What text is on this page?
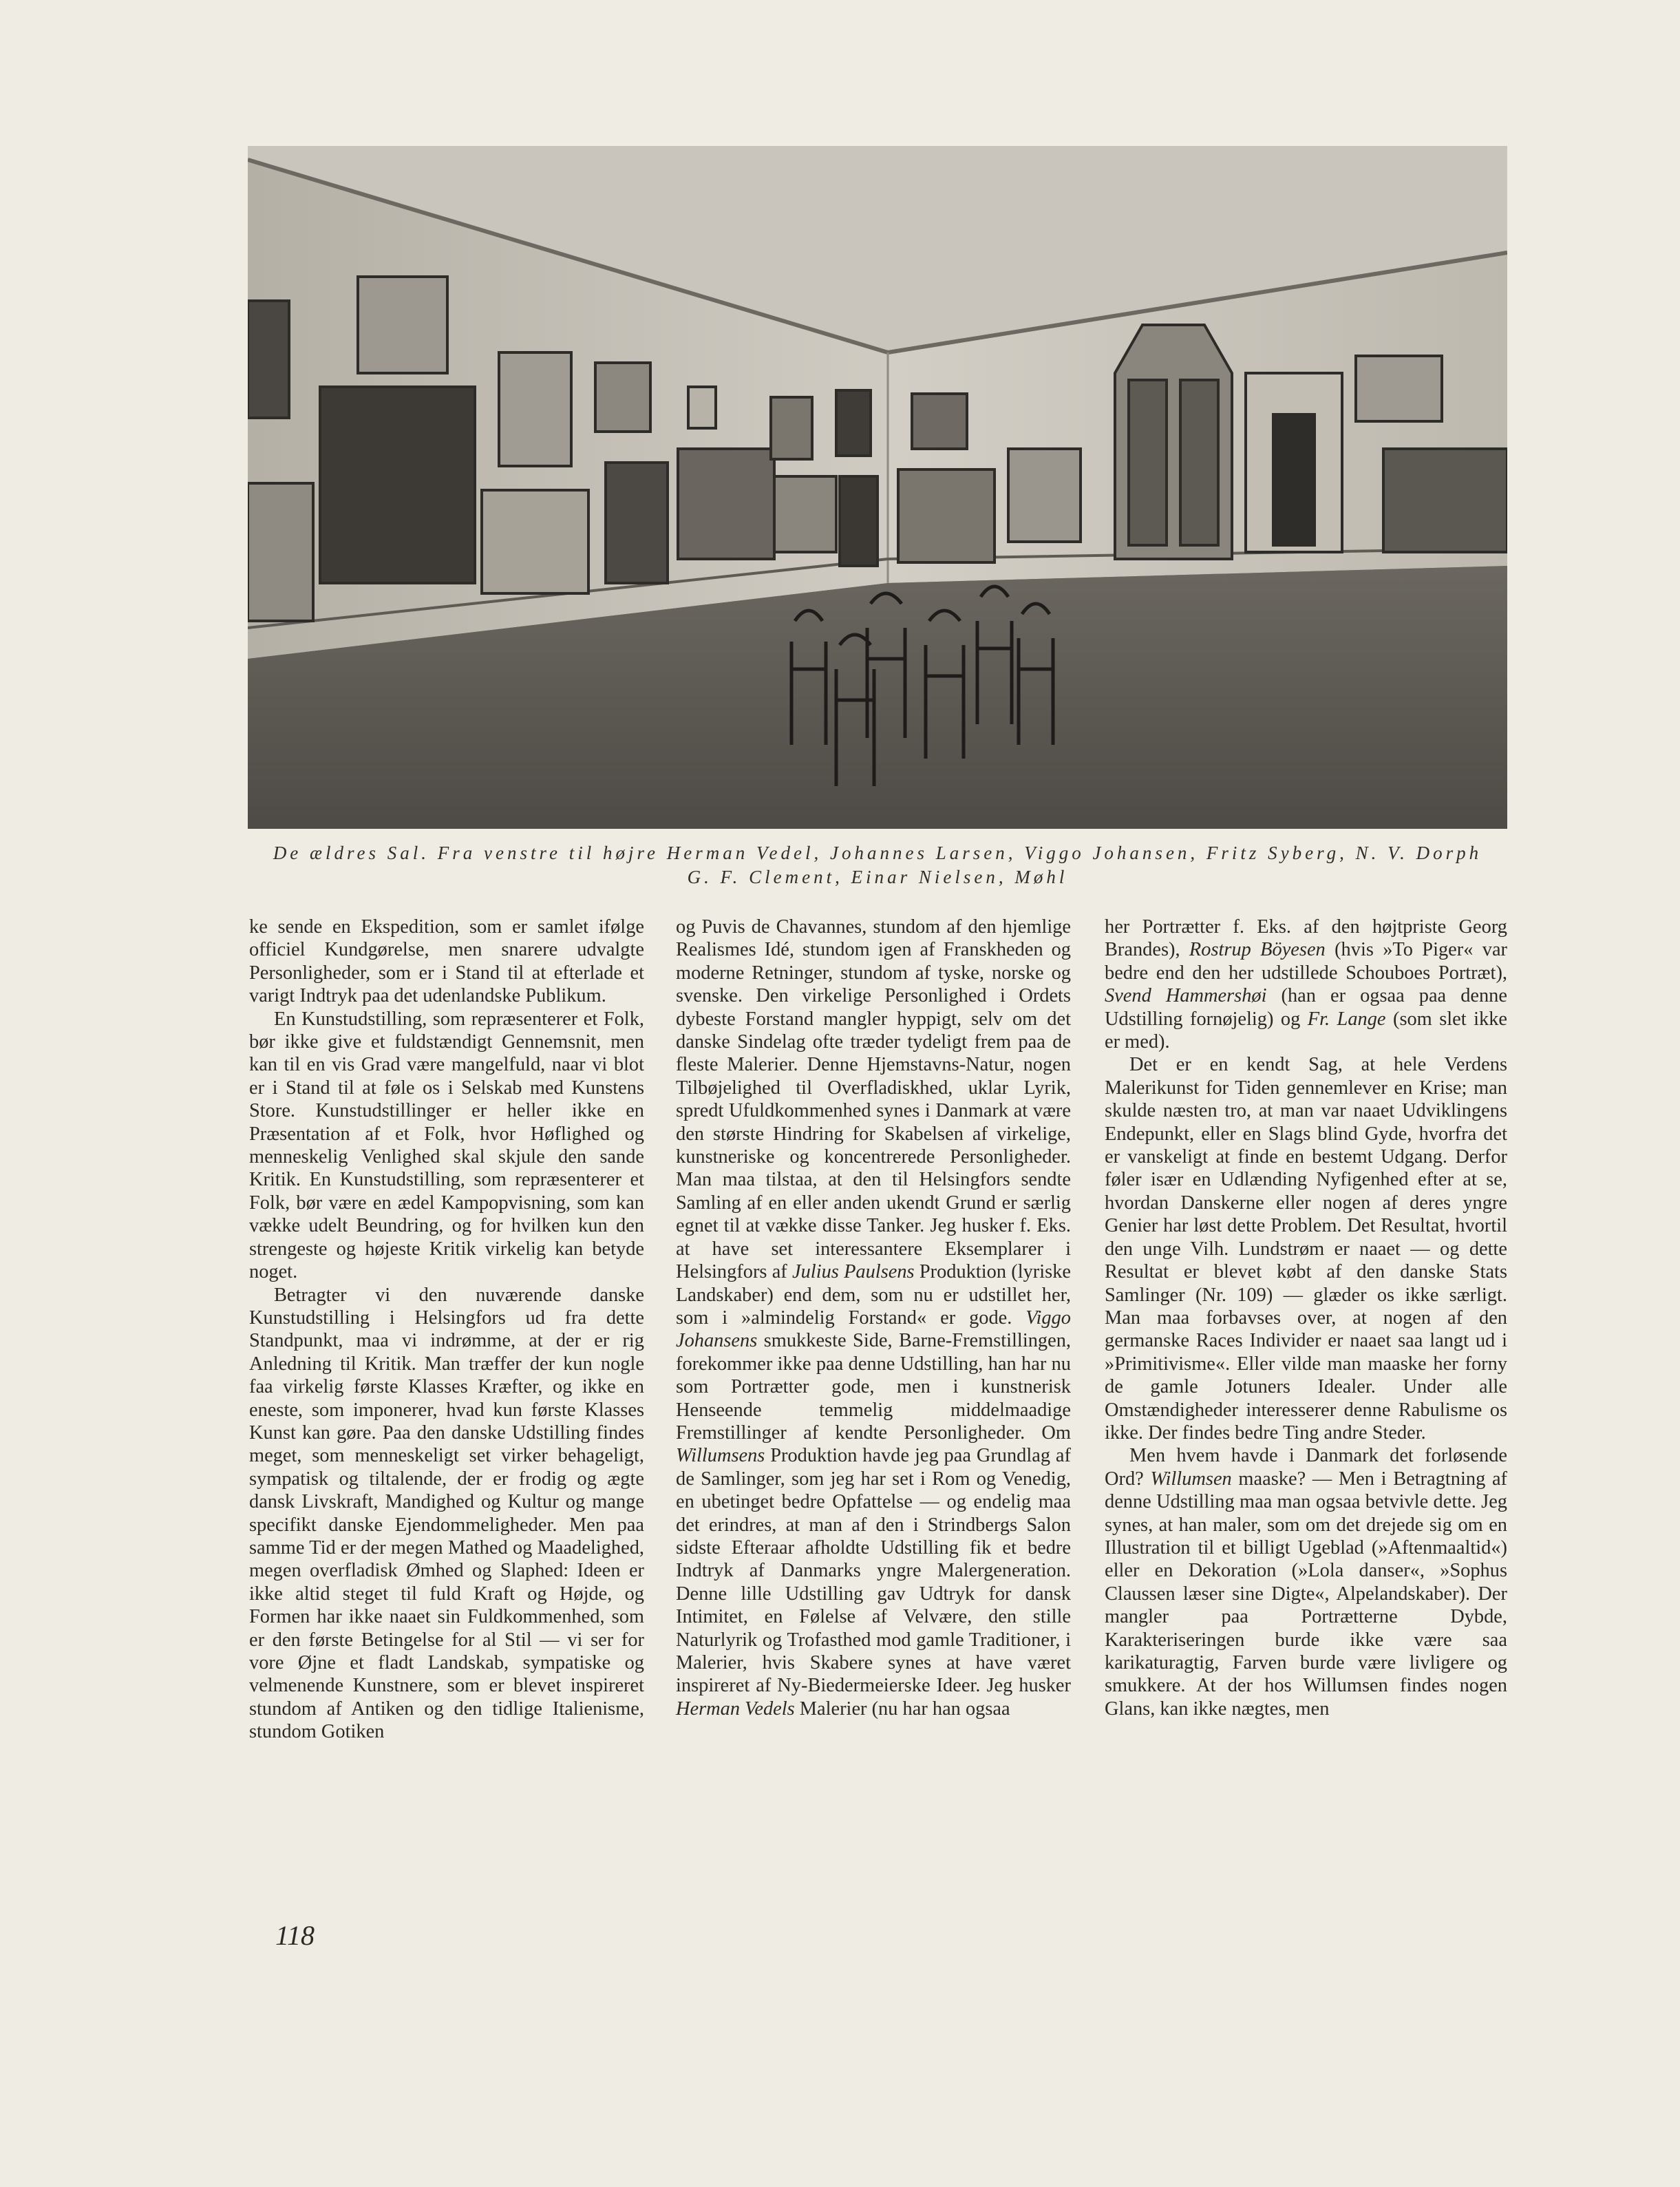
De ældres Sal. Fra venstre til højre Herman Vedel, Johannes Larsen, Viggo Johansen, Fritz Syberg, N. V. Dorph
G. F. Clement, Einar Nielsen, Møhl

ke sende en Ekspedition, som er samlet ifølge officiel Kundgørelse, men snarere udvalgte Personligheder, som er i Stand til at efterlade et varigt Indtryk paa det udenlandske Publikum.

En Kunstudstilling, som repræsenterer et Folk, bør ikke give et fuldstændigt Gennemsnit, men kan til en vis Grad være mangelfuld, naar vi blot er i Stand til at føle os i Selskab med Kunstens Store. Kunstudstillinger er heller ikke en Præsentation af et Folk, hvor Høflighed og menneskelig Venlighed skal skjule den sande Kritik. En Kunstudstilling, som repræsenterer et Folk, bør være en ædel Kampopvisning, som kan vække udelt Beundring, og for hvilken kun den strengeste og højeste Kritik virkelig kan betyde noget.

Betragter vi den nuværende danske Kunstudstilling i Helsingfors ud fra dette Standpunkt, maa vi indrømme, at der er rig Anledning til Kritik. Man træffer der kun nogle faa virkelig første Klasses Kræfter, og ikke en eneste, som imponerer, hvad kun første Klasses Kunst kan gøre. Paa den danske Udstilling findes meget, som menneskeligt set virker behageligt, sympatisk og tiltalende, der er frodig og ægte dansk Livskraft, Mandighed og Kultur og mange specifikt danske Ejendommeligheder. Men paa samme Tid er der megen Mathed og Maadelighed, megen overfladisk Ømhed og Slaphed: Ideen er ikke altid steget til fuld Kraft og Højde, og Formen har ikke naaet sin Fuldkommenhed, som er den første Betingelse for al Stil — vi ser for vore Øjne et fladt Landskab, sympatiske og velmenende Kunstnere, som er blevet inspireret stundom af Antiken og den tidlige Italienisme, stundom Gotiken

og Puvis de Chavannes, stundom af den hjemlige Realismes Idé, stundom igen af Franskheden og moderne Retninger, stundom af tyske, norske og svenske. Den virkelige Personlighed i Ordets dybeste Forstand mangler hyppigt, selv om det danske Sindelag ofte træder tydeligt frem paa de fleste Malerier. Denne Hjemstavns-Natur, nogen Tilbøjelighed til Overfladiskhed, uklar Lyrik, spredt Ufuldkommenhed synes i Danmark at være den største Hindring for Skabelsen af virkelige, kunstneriske og koncentrerede Personligheder. Man maa tilstaa, at den til Helsingfors sendte Samling af en eller anden ukendt Grund er særlig egnet til at vække disse Tanker. Jeg husker f. Eks. at have set interessantere Eksemplarer i Helsingfors af Julius Paulsens Produktion (lyriske Landskaber) end dem, som nu er udstillet her, som i »almindelig Forstand« er gode. Viggo Johansens smukkeste Side, Barne-Fremstillingen, forekommer ikke paa denne Udstilling, han har nu som Portrætter gode, men i kunstnerisk Henseende temmelig middelmaadige Fremstillinger af kendte Personligheder. Om Willumsens Produktion havde jeg paa Grundlag af de Samlinger, som jeg har set i Rom og Venedig, en ubetinget bedre Opfattelse — og endelig maa det erindres, at man af den i Strindbergs Salon sidste Efteraar afholdte Udstilling fik et bedre Indtryk af Danmarks yngre Malergeneration. Denne lille Udstilling gav Udtryk for dansk Intimitet, en Følelse af Velvære, den stille Naturlyrik og Trofasthed mod gamle Traditioner, i Malerier, hvis Skabere synes at have været inspireret af Ny-Biedermeierske Ideer. Jeg husker Herman Vedels Malerier (nu har han ogsaa

her Portrætter f. Eks. af den højtpriste Georg Brandes), Rostrup Böyesen (hvis »To Piger« var bedre end den her udstillede Schouboes Portræt), Svend Hammershøi (han er ogsaa paa denne Udstilling fornøjelig) og Fr. Lange (som slet ikke er med).

Det er en kendt Sag, at hele Verdens Malerikunst for Tiden gennemlever en Krise; man skulde næsten tro, at man var naaet Udviklingens Endepunkt, eller en Slags blind Gyde, hvorfra det er vanskeligt at finde en bestemt Udgang. Derfor føler især en Udlænding Nyfigenhed efter at se, hvordan Danskerne eller nogen af deres yngre Genier har løst dette Problem. Det Resultat, hvortil den unge Vilh. Lundstrøm er naaet — og dette Resultat er blevet købt af den danske Stats Samlinger (Nr. 109) — glæder os ikke særligt. Man maa forbavses over, at nogen af den germanske Races Individer er naaet saa langt ud i »Primitivisme«. Eller vilde man maaske her forny de gamle Jotuners Idealer. Under alle Omstændigheder interesserer denne Rabulisme os ikke. Der findes bedre Ting andre Steder.

Men hvem havde i Danmark det forløsende Ord? Willumsen maaske? — Men i Betragtning af denne Udstilling maa man ogsaa betvivle dette. Jeg synes, at han maler, som om det drejede sig om en Illustration til et billigt Ugeblad (»Aftenmaaltid«) eller en Dekoration (»Lola danser«, »Sophus Claussen læser sine Digte«, Alpelandskaber). Der mangler paa Portrætterne Dybde, Karakteriseringen burde ikke være saa karikaturagtig, Farven burde være livligere og smukkere. At der hos Willumsen findes nogen Glans, kan ikke nægtes, men

118
